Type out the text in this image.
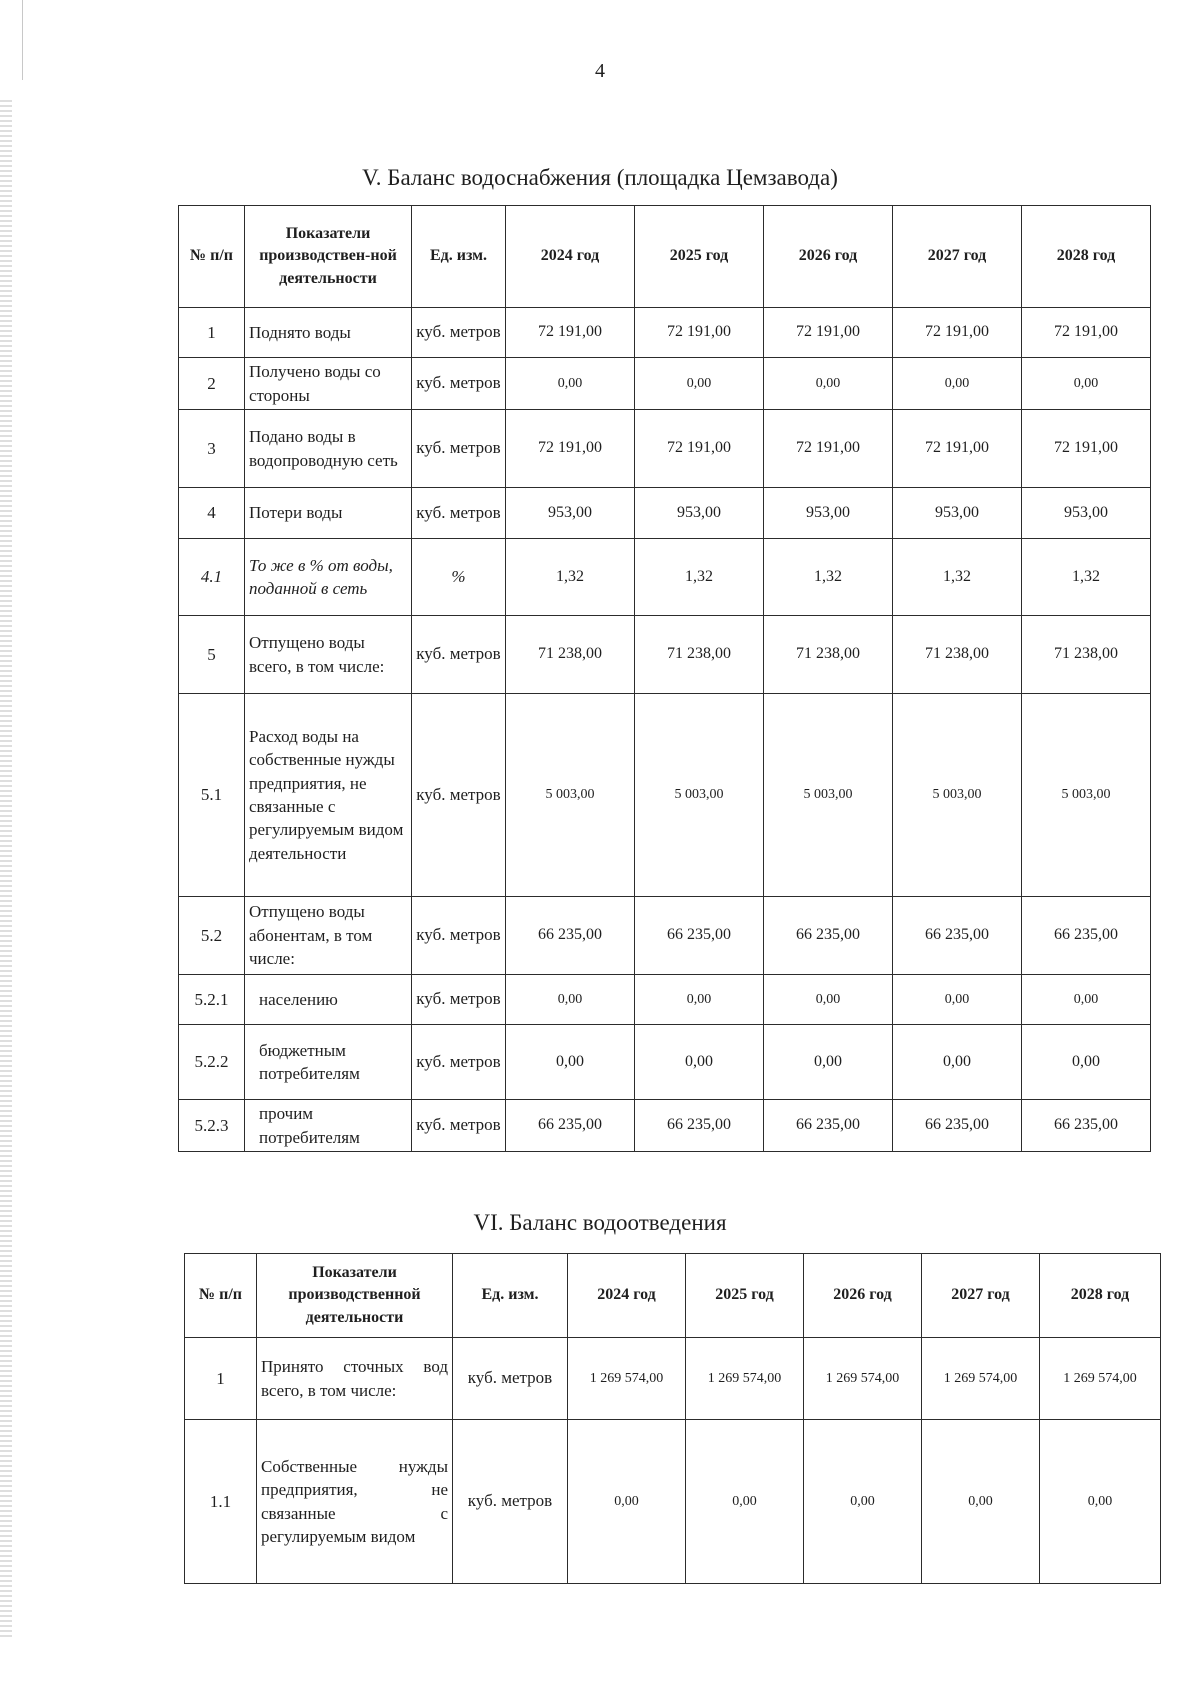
4
V. Баланс водоснабжения (площадка Цемзавода)
№ п/п	Показатели производствен-ной деятельности	Ед. изм.	2024 год	2025 год	2026 год	2027 год	2028 год
1	Поднято воды	куб. метров	72 191,00	72 191,00	72 191,00	72 191,00	72 191,00
2	Получено воды со стороны	куб. метров	0,00	0,00	0,00	0,00	0,00
3	Подано воды в водопроводную сеть	куб. метров	72 191,00	72 191,00	72 191,00	72 191,00	72 191,00
4	Потери воды	куб. метров	953,00	953,00	953,00	953,00	953,00
4.1	То же в % от воды, поданной в сеть	%	1,32	1,32	1,32	1,32	1,32
5	Отпущено воды всего, в том числе:	куб. метров	71 238,00	71 238,00	71 238,00	71 238,00	71 238,00
5.1	Расход воды на собственные нужды предприятия, не связанные с регулируемым видом деятельности	куб. метров	5 003,00	5 003,00	5 003,00	5 003,00	5 003,00
5.2	Отпущено воды абонентам, в том числе:	куб. метров	66 235,00	66 235,00	66 235,00	66 235,00	66 235,00
5.2.1	населению	куб. метров	0,00	0,00	0,00	0,00	0,00
5.2.2	бюджетным потребителям	куб. метров	0,00	0,00	0,00	0,00	0,00
5.2.3	прочим потребителям	куб. метров	66 235,00	66 235,00	66 235,00	66 235,00	66 235,00
VI. Баланс водоотведения
№ п/п	Показатели производственной деятельности	Ед. изм.	2024 год	2025 год	2026 год	2027 год	2028 год
1	Принято сточных вод всего, в том числе:	куб. метров	1 269 574,00	1 269 574,00	1 269 574,00	1 269 574,00	1 269 574,00
1.1	Собственные нужды предприятия, не связанные с регулируемым видом	куб. метров	0,00	0,00	0,00	0,00	0,00
